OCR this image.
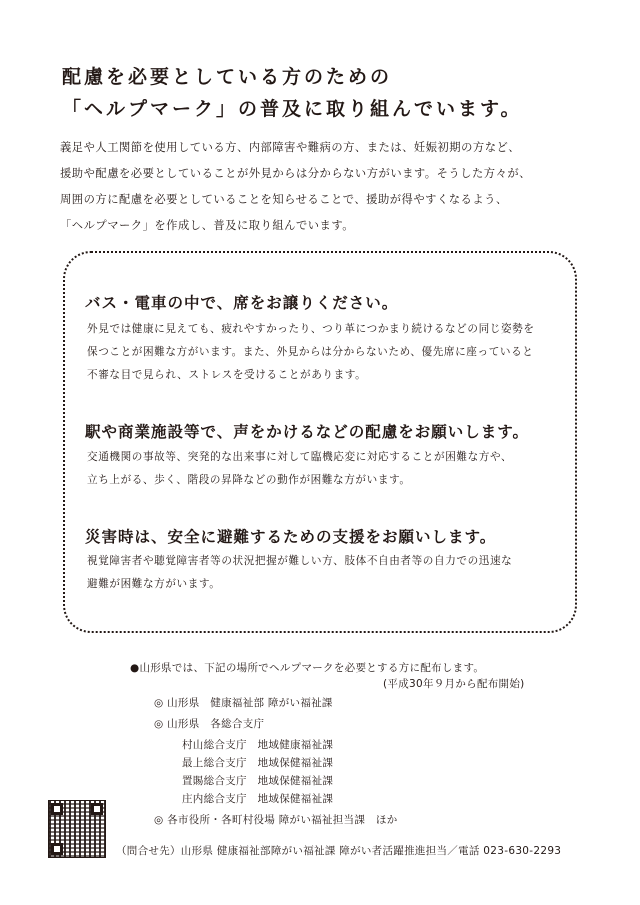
配慮を必要としている方のための
「ヘルプマーク」の普及に取り組んでいます。

義足や人工関節を使用している方、内部障害や難病の方、または、妊娠初期の方など、

援助や配慮を必要としていることが外見からは分からない方がいます。そうした方々が、

周囲の方に配慮を必要としていることを知らせることで、援助が得やすくなるよう、

「ヘルプマーク」を作成し、普及に取り組んでいます。

バス・電車の中で、席をお譲りください。

外見では健康に見えても、疲れやすかったり、つり革につかまり続けるなどの同じ姿勢を

保つことが困難な方がいます。また、外見からは分からないため、優先席に座っていると

不審な目で見られ、ストレスを受けることがあります。

駅や商業施設等で、声をかけるなどの配慮をお願いします。

交通機関の事故等、突発的な出来事に対して臨機応変に対応することが困難な方や、

立ち上がる、歩く、階段の昇降などの動作が困難な方がいます。

災害時は、安全に避難するための支援をお願いします。

視覚障害者や聴覚障害者等の状況把握が難しい方、肢体不自由者等の自力での迅速な

避難が困難な方がいます。

●山形県では、下記の場所でヘルプマークを必要とする方に配布します。
(平成30年９月から配布開始)
◎ 山形県　健康福祉部 障がい福祉課
◎ 山形県　各総合支庁
村山総合支庁　地域健康福祉課
最上総合支庁　地域保健福祉課
置賜総合支庁　地域保健福祉課
庄内総合支庁　地域保健福祉課
◎ 各市役所・各町村役場 障がい福祉担当課　ほか
（問合せ先）山形県 健康福祉部障がい福祉課 障がい者活躍推進担当／電話 023-630-2293
